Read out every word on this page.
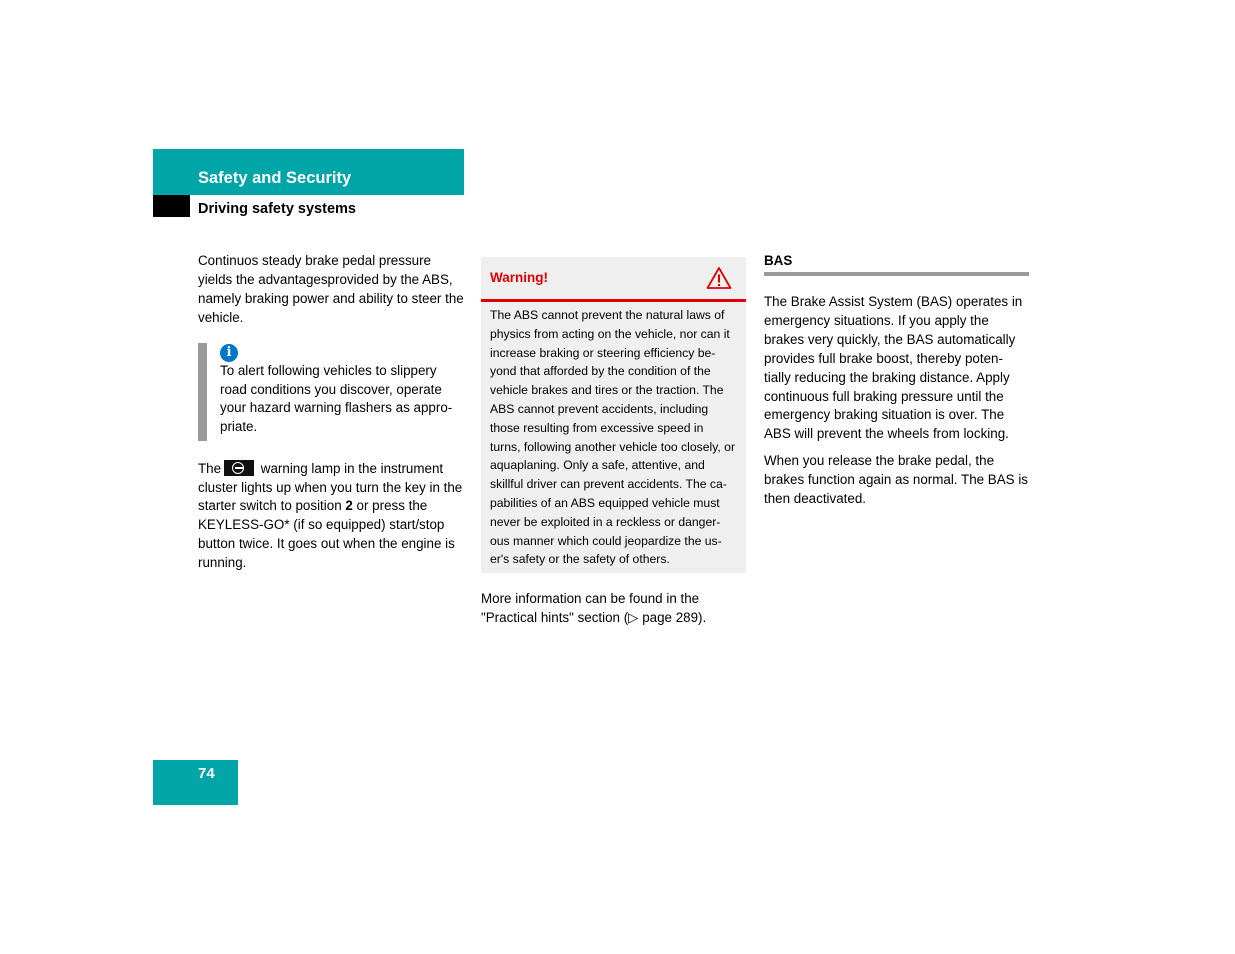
Safety and Security
Driving safety systems

Continuos steady brake pedal pressure yields the advantagesprovided by the ABS, namely braking power and ability to steer the vehicle.

i

To alert following vehicles to slippery road conditions you discover, operate your hazard warning flashers as appro-priate.

The	warning lamp in the instrument cluster lights up when you turn the key in the starter switch to position 2 or press the KEYLESS-GO* (if so equipped) start/stop button twice. It goes out when the engine is running.

Warning!
The ABS cannot prevent the natural laws of physics from acting on the vehicle, nor can it increase braking or steering efficiency be-yond that afforded by the condition of the vehicle brakes and tires or the traction. The ABS cannot prevent accidents, including those resulting from excessive speed in turns, following another vehicle too closely, or aquaplaning. Only a safe, attentive, and skillful driver can prevent accidents. The ca-pabilities of an ABS equipped vehicle must never be exploited in a reckless or danger-ous manner which could jeopardize the us-er's safety or the safety of others.

More information can be found in the "Practical hints" section (▷ page 289).

BAS

The Brake Assist System (BAS) operates in emergency situations. If you apply the brakes very quickly, the BAS automatically provides full brake boost, thereby poten-tially reducing the braking distance. Apply continuous full braking pressure until the emergency braking situation is over. The ABS will prevent the wheels from locking.

When you release the brake pedal, the brakes function again as normal. The BAS is then deactivated.

74
